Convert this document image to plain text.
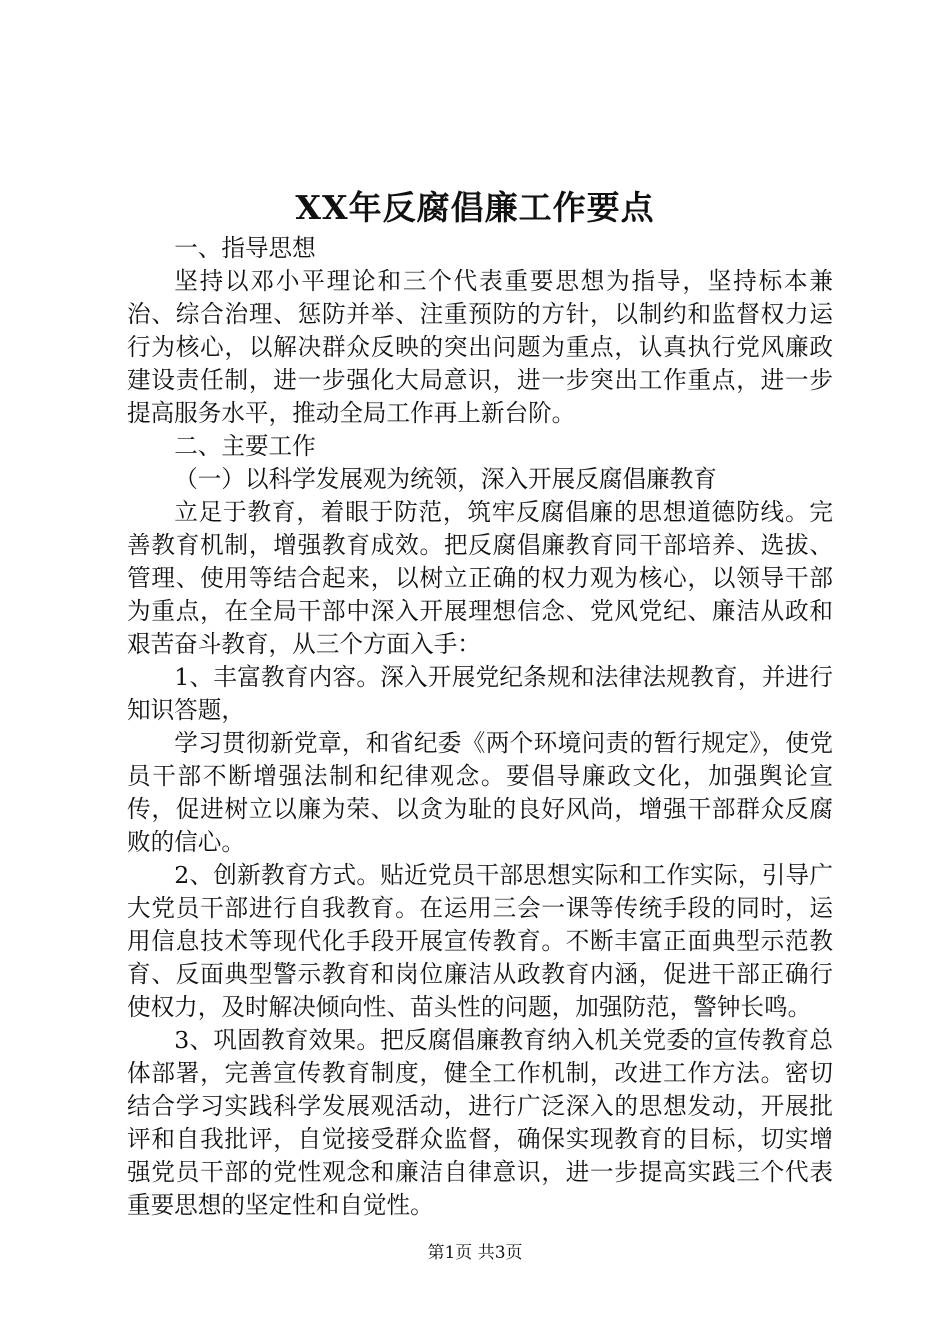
XX年反腐倡廉工作要点

一、指导思想

坚持以邓小平理论和三个代表重要思想为指导，坚持标本兼治、综合治理、惩防并举、注重预防的方针，以制约和监督权力运行为核心，以解决群众反映的突出问题为重点，认真执行党风廉政建设责任制，进一步强化大局意识，进一步突出工作重点，进一步提高服务水平，推动全局工作再上新台阶。

二、主要工作

（一）以科学发展观为统领，深入开展反腐倡廉教育

立足于教育，着眼于防范，筑牢反腐倡廉的思想道德防线。完善教育机制，增强教育成效。把反腐倡廉教育同干部培养、选拔、管理、使用等结合起来，以树立正确的权力观为核心，以领导干部为重点，在全局干部中深入开展理想信念、党风党纪、廉洁从政和艰苦奋斗教育，从三个方面入手：

1、丰富教育内容。深入开展党纪条规和法律法规教育，并进行知识答题，

学习贯彻新党章，和省纪委《两个环境问责的暂行规定》，使党员干部不断增强法制和纪律观念。要倡导廉政文化，加强舆论宣传，促进树立以廉为荣、以贪为耻的良好风尚，增强干部群众反腐败的信心。

2、创新教育方式。贴近党员干部思想实际和工作实际，引导广大党员干部进行自我教育。在运用三会一课等传统手段的同时，运用信息技术等现代化手段开展宣传教育。不断丰富正面典型示范教育、反面典型警示教育和岗位廉洁从政教育内涵，促进干部正确行使权力，及时解决倾向性、苗头性的问题，加强防范，警钟长鸣。

3、巩固教育效果。把反腐倡廉教育纳入机关党委的宣传教育总体部署，完善宣传教育制度，健全工作机制，改进工作方法。密切结合学习实践科学发展观活动，进行广泛深入的思想发动，开展批评和自我批评，自觉接受群众监督，确保实现教育的目标，切实增强党员干部的党性观念和廉洁自律意识，进一步提高实践三个代表重要思想的坚定性和自觉性。

第1页 共3页
